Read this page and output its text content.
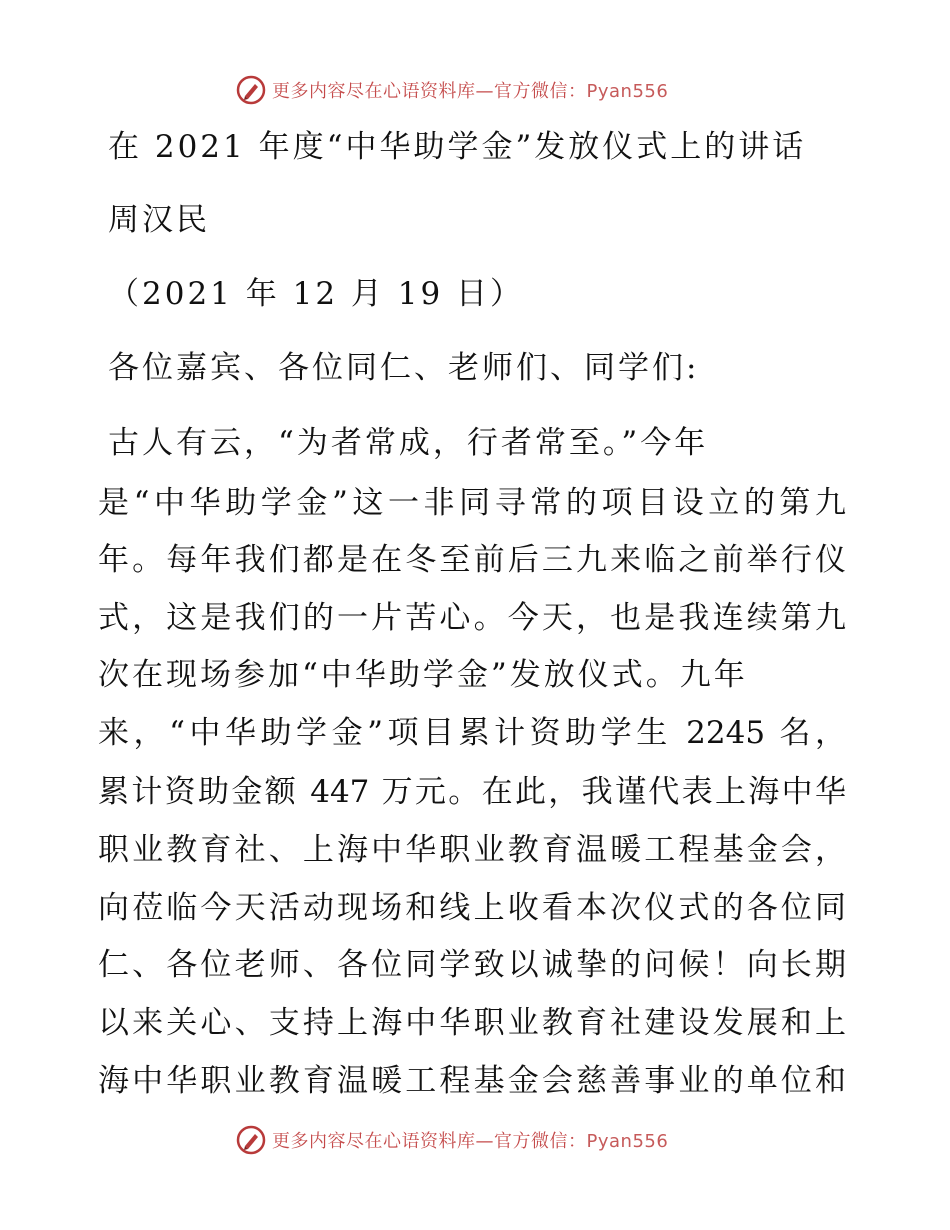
更多内容尽在心语资料库—官方微信：Pyan556
在 2021 年度“中华助学金”发放仪式上的讲话
周汉民
（2021 年 12 月 19 日）
各位嘉宾、各位同仁、老师们、同学们:
古人有云，“为者常成，行者常至。”今年
是“中华助学金”这一非同寻常的项目设立的第九
年。每年我们都是在冬至前后三九来临之前举行仪
式，这是我们的一片苦心。今天，也是我连续第九
次在现场参加“中华助学金”发放仪式。九年
来，“中华助学金”项目累计资助学生 2245 名，
累计资助金额 447 万元。在此，我谨代表上海中华
职业教育社、上海中华职业教育温暖工程基金会，
向莅临今天活动现场和线上收看本次仪式的各位同
仁、各位老师、各位同学致以诚挚的问候！向长期
以来关心、支持上海中华职业教育社建设发展和上
海中华职业教育温暖工程基金会慈善事业的单位和
更多内容尽在心语资料库—官方微信：Pyan556
